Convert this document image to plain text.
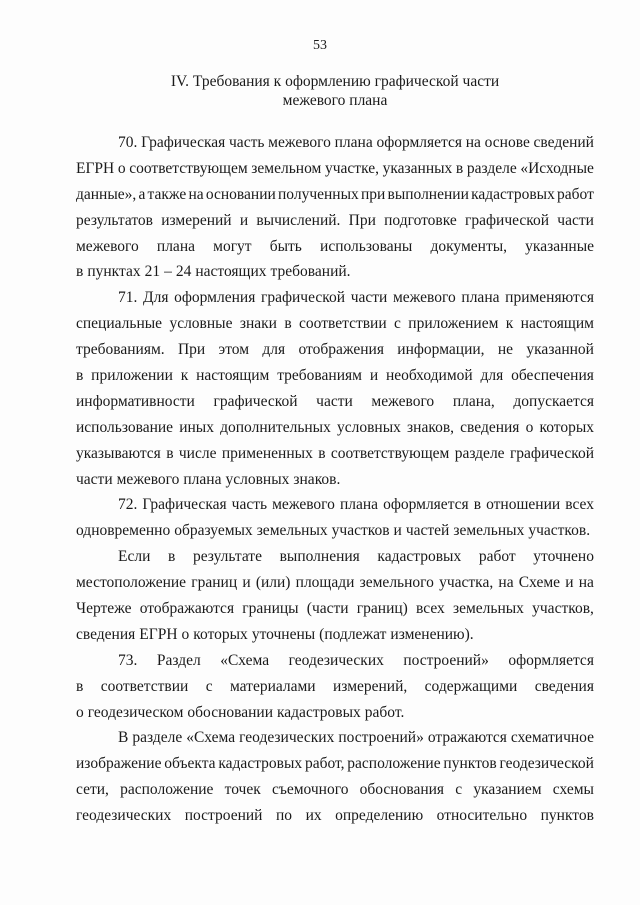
53
IV. Требования к оформлению графической части
межевого плана
70. Графическая часть межевого плана оформляется на основе сведений
ЕГРН о соответствующем земельном участке, указанных в разделе «Исходные
данные», а также на основании полученных при выполнении кадастровых работ
результатов измерений и вычислений. При подготовке графической части
межевого плана могут быть использованы документы, указанные
в пунктах 21 – 24 настоящих требований.
71. Для оформления графической части межевого плана применяются
специальные условные знаки в соответствии с приложением к настоящим
требованиям. При этом для отображения информации, не указанной
в приложении к настоящим требованиям и необходимой для обеспечения
информативности графической части межевого плана, допускается
использование иных дополнительных условных знаков, сведения о которых
указываются в числе примененных в соответствующем разделе графической
части межевого плана условных знаков.
72. Графическая часть межевого плана оформляется в отношении всех
одновременно образуемых земельных участков и частей земельных участков.
Если в результате выполнения кадастровых работ уточнено
местоположение границ и (или) площади земельного участка, на Схеме и на
Чертеже отображаются границы (части границ) всех земельных участков,
сведения ЕГРН о которых уточнены (подлежат изменению).
73. Раздел «Схема геодезических построений» оформляется
в соответствии с материалами измерений, содержащими сведения
о геодезическом обосновании кадастровых работ.
В разделе «Схема геодезических построений» отражаются схематичное
изображение объекта кадастровых работ, расположение пунктов геодезической
сети, расположение точек съемочного обоснования с указанием схемы
геодезических построений по их определению относительно пунктов
